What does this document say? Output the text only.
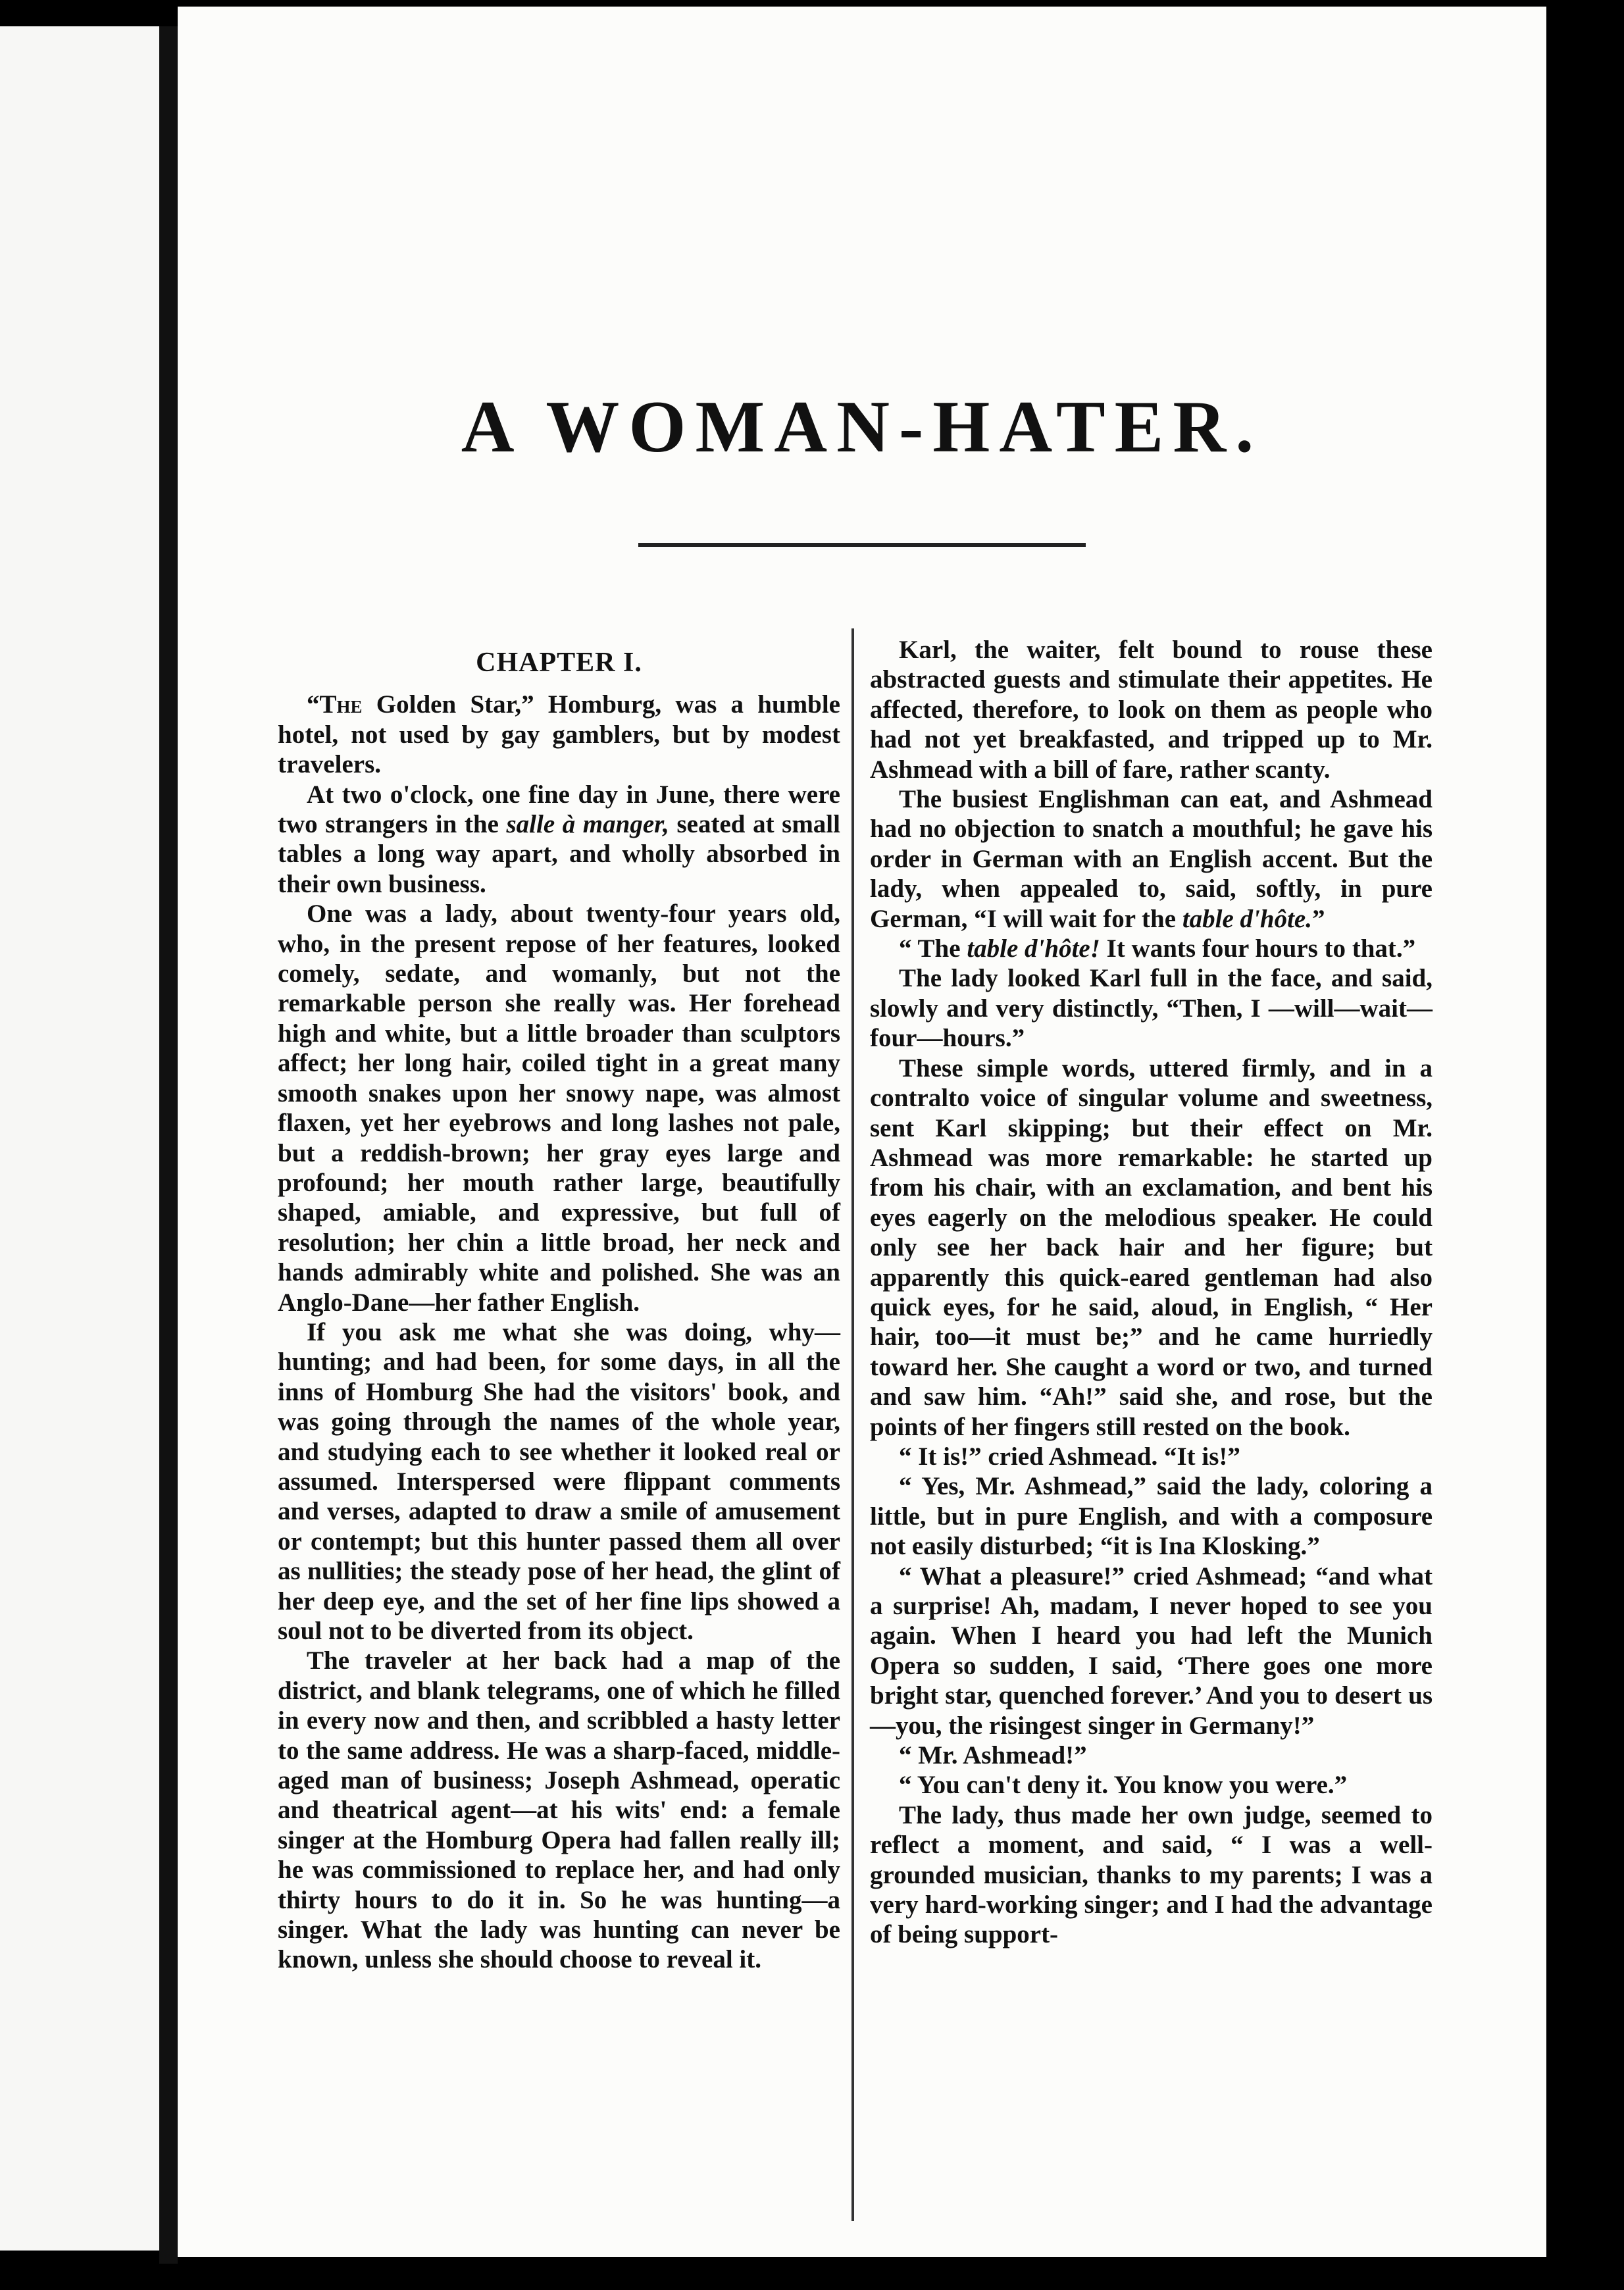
A WOMAN-HATER.
CHAPTER I.

“The Golden Star,” Homburg, was a humble hotel, not used by gay gamblers, but by modest travelers.

At two o'clock, one fine day in June, there were two strangers in the salle à manger, seated at small tables a long way apart, and wholly absorbed in their own business.

One was a lady, about twenty-four years old, who, in the present repose of her features, looked comely, sedate, and womanly, but not the remarkable person she really was. Her forehead high and white, but a little broader than sculptors affect; her long hair, coiled tight in a great many smooth snakes upon her snowy nape, was almost flaxen, yet her eyebrows and long lashes not pale, but a reddish-brown; her gray eyes large and profound; her mouth rather large, beautifully shaped, amiable, and expressive, but full of resolution; her chin a little broad, her neck and hands admirably white and polished. She was an Anglo-Dane—her father English.

If you ask me what she was doing, why—hunting; and had been, for some days, in all the inns of Homburg She had the visitors' book, and was going through the names of the whole year, and studying each to see whether it looked real or assumed. Interspersed were flippant comments and verses, adapted to draw a smile of amusement or contempt; but this hunter passed them all over as nullities; the steady pose of her head, the glint of her deep eye, and the set of her fine lips showed a soul not to be diverted from its object.

The traveler at her back had a map of the district, and blank telegrams, one of which he filled in every now and then, and scribbled a hasty letter to the same address. He was a sharp-faced, middle-aged man of business; Joseph Ashmead, operatic and theatrical agent—at his wits' end: a female singer at the Homburg Opera had fallen really ill; he was commissioned to replace her, and had only thirty hours to do it in. So he was hunting—a singer. What the lady was hunting can never be known, unless she should choose to reveal it.

Karl, the waiter, felt bound to rouse these abstracted guests and stimulate their appetites. He affected, therefore, to look on them as people who had not yet breakfasted, and tripped up to Mr. Ashmead with a bill of fare, rather scanty.

The busiest Englishman can eat, and Ashmead had no objection to snatch a mouthful; he gave his order in German with an English accent. But the lady, when appealed to, said, softly, in pure German, “I will wait for the table d'hôte.”

“ The table d'hôte! It wants four hours to that.”

The lady looked Karl full in the face, and said, slowly and very distinctly, “Then, I —will—wait—four—hours.”

These simple words, uttered firmly, and in a contralto voice of singular volume and sweetness, sent Karl skipping; but their effect on Mr. Ashmead was more remarkable: he started up from his chair, with an exclamation, and bent his eyes eagerly on the melodious speaker. He could only see her back hair and her figure; but apparently this quick-eared gentleman had also quick eyes, for he said, aloud, in English, “ Her hair, too—it must be;” and he came hurriedly toward her. She caught a word or two, and turned and saw him. “Ah!” said she, and rose, but the points of her fingers still rested on the book.

“ It is!” cried Ashmead. “It is!”

“ Yes, Mr. Ashmead,” said the lady, coloring a little, but in pure English, and with a composure not easily disturbed; “it is Ina Klosking.”

“ What a pleasure!” cried Ashmead; “and what a surprise! Ah, madam, I never hoped to see you again. When I heard you had left the Munich Opera so sudden, I said, ‘There goes one more bright star, quenched forever.’ And you to desert us—you, the risingest singer in Germany!”

“ Mr. Ashmead!”

“ You can't deny it. You know you were.”

The lady, thus made her own judge, seemed to reflect a moment, and said, “ I was a well-grounded musician, thanks to my parents; I was a very hard-working singer; and I had the advantage of being support-
